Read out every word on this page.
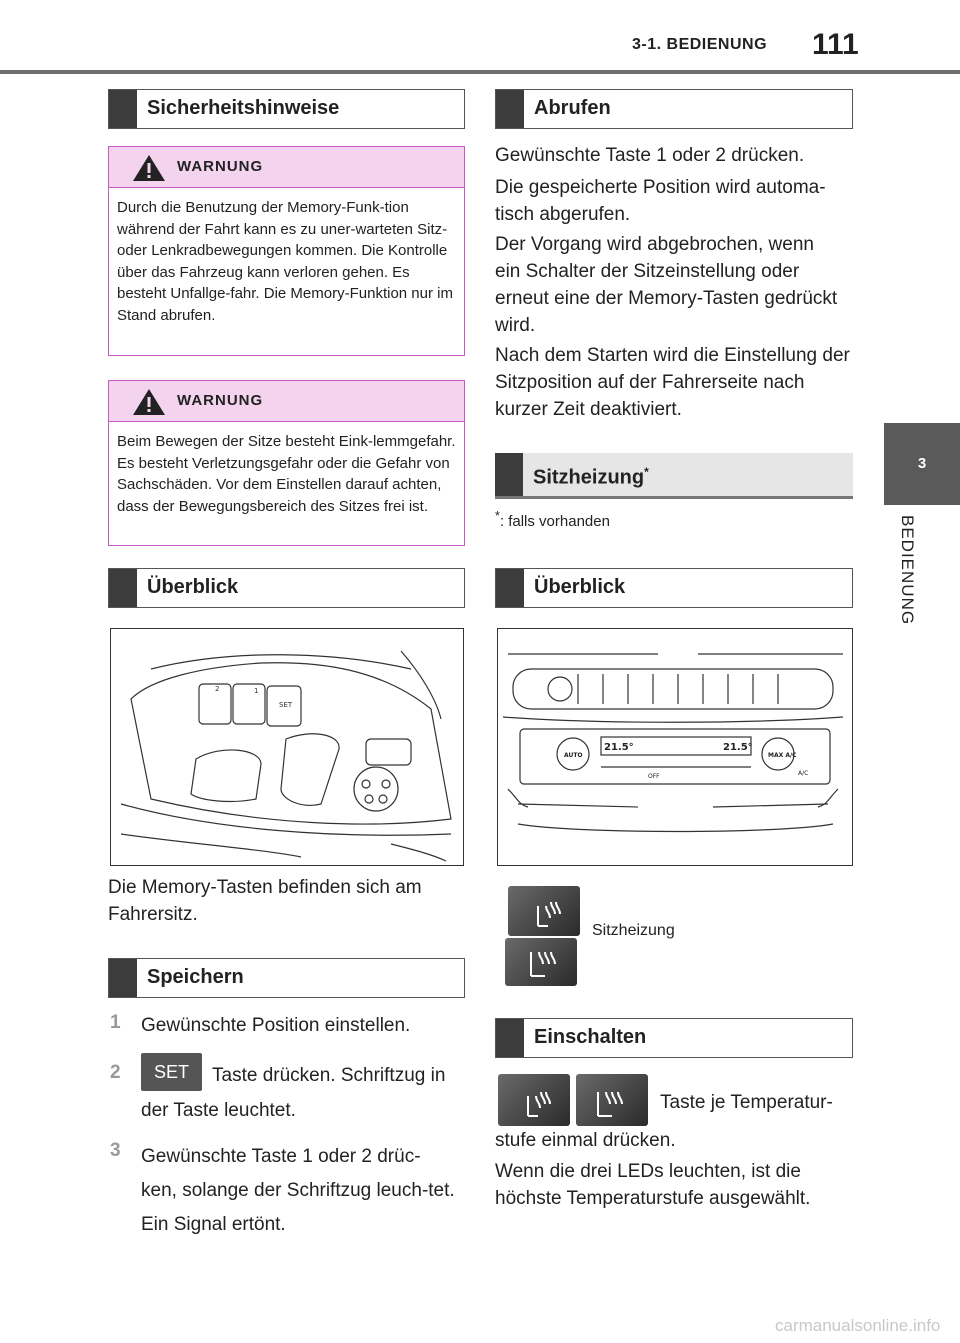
3-1. BEDIENUNG 111
3
BEDIENUNG
Sicherheitshinweise
WARNUNG
Durch die Benutzung der Memory-Funk-tion während der Fahrt kann es zu uner-warteten Sitz- oder Lenkradbewegungen kommen. Die Kontrolle über das Fahrzeug kann verloren gehen. Es besteht Unfallge-fahr. Die Memory-Funktion nur im Stand abrufen.
WARNUNG
Beim Bewegen der Sitze besteht Eink-lemmgefahr. Es besteht Verletzungsgefahr oder die Gefahr von Sachschäden. Vor dem Einstellen darauf achten, dass der Bewegungsbereich des Sitzes frei ist.
Überblick
2	1
SET
Die Memory-Tasten befinden sich am Fahrersitz.
Speichern
1 Gewünschte Position einstellen.
2	SET	Taste drücken. Schriftzug in
der Taste leuchtet.
3 Gewünschte Taste 1 oder 2 drüc-ken, solange der Schriftzug leuch-tet. Ein Signal ertönt.
Abrufen
Gewünschte Taste 1 oder 2 drücken.
Die gespeicherte Position wird automa-tisch abgerufen.
Der Vorgang wird abgebrochen, wenn ein Schalter der Sitzeinstellung oder erneut eine der Memory-Tasten gedrückt wird.
Nach dem Starten wird die Einstellung der Sitzposition auf der Fahrerseite nach kurzer Zeit deaktiviert.
Sitzheizung*
*: falls vorhanden
Überblick
21.5°	21.5°
AUTO	MAX A/C
A/C
OFF
Sitzheizung
Einschalten
Taste je Temperatur-
stufe einmal drücken.
Wenn die drei LEDs leuchten, ist die höchste Temperaturstufe ausgewählt.
carmanualsonline.info
